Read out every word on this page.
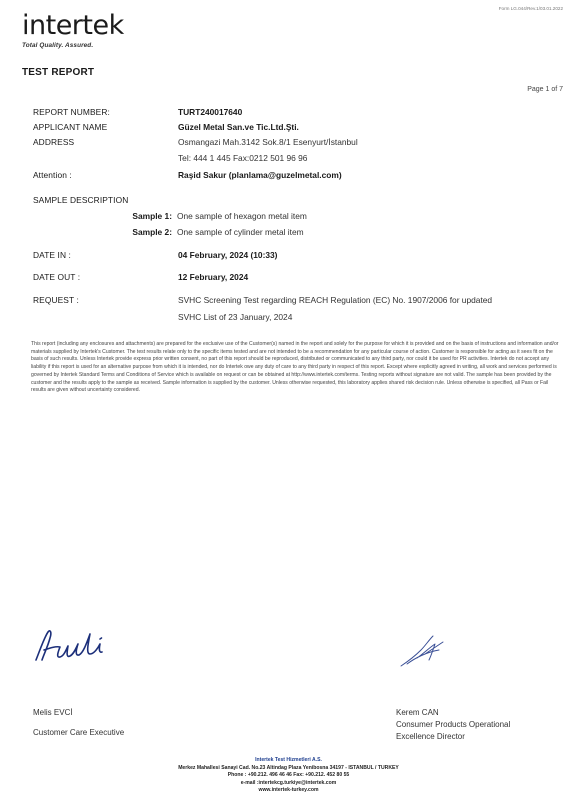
Form LG.044/Rev.1/03.01.2022
intertek
Total Quality. Assured.
TEST REPORT
Page 1 of 7
REPORT NUMBER:	TURT240017640
APPLICANT NAME	Güzel Metal San.ve Tic.Ltd.Şti.
ADDRESS	Osmangazi Mah.3142 Sok.8/1 Esenyurt/İstanbul
Tel: 444 1 445 Fax:0212 501 96 96
Attention :	Raşid Sakur (planlama@guzelmetal.com)
SAMPLE DESCRIPTION
Sample 1: One sample of hexagon metal item
Sample 2: One sample of cylinder metal item
DATE IN :	04 February, 2024 (10:33)
DATE OUT :	12 February, 2024
REQUEST :	SVHC Screening Test regarding REACH Regulation (EC) No. 1907/2006 for updated
SVHC List of 23 January, 2024
This report (including any enclosures and attachments) are prepared for the exclusive use of the Customer(s) named in the report and solely for the purpose for which it is provided and on the basis of instructions and information and/or materials supplied by Intertek's Customer. The test results relate only to the specific items tested and are not intended to be a recommendation for any particular course of action. Customer is responsible for acting as it sees fit on the basis of such results. Unless Intertek provide express prior written consent, no part of this report should be reproduced, distributed or communicated to any third party, nor could it be used for PR activities. Intertek do not accept any liability if this report is used for an alternative purpose from which it is intended, nor do Intertek owe any duty of care to any third party in respect of this report. Except where explicitly agreed in writing, all work and services performed is governed by Intertek Standard Terms and Conditions of Service which is available on request or can be obtained at http://www.intertek.com/terms. Testing reports without signature are not valid. The sample has been provided by the customer and the results apply to the sample as received. Sample information is supplied by the customer. Unless otherwise requested, this laboratory applies shared risk decision rule. Unless otherwise is specified, all Pass or Fail results are given without uncertainty considered.
Melis EVCİ
Customer Care Executive
Kerem CAN
Consumer Products Operational
Excellence Director
Intertek Test Hizmetleri A.S.
Merkez Mahallesi Sanayi Cad. No.23 Altindag Plaza Yenibosna 34197 - ISTANBUL / TURKEY
Phone : +90.212. 496 46 46 Fax: +90.212. 452 80 55
e-mail :intertekcg.turkiye@intertek.com
www.intertek-turkey.com
